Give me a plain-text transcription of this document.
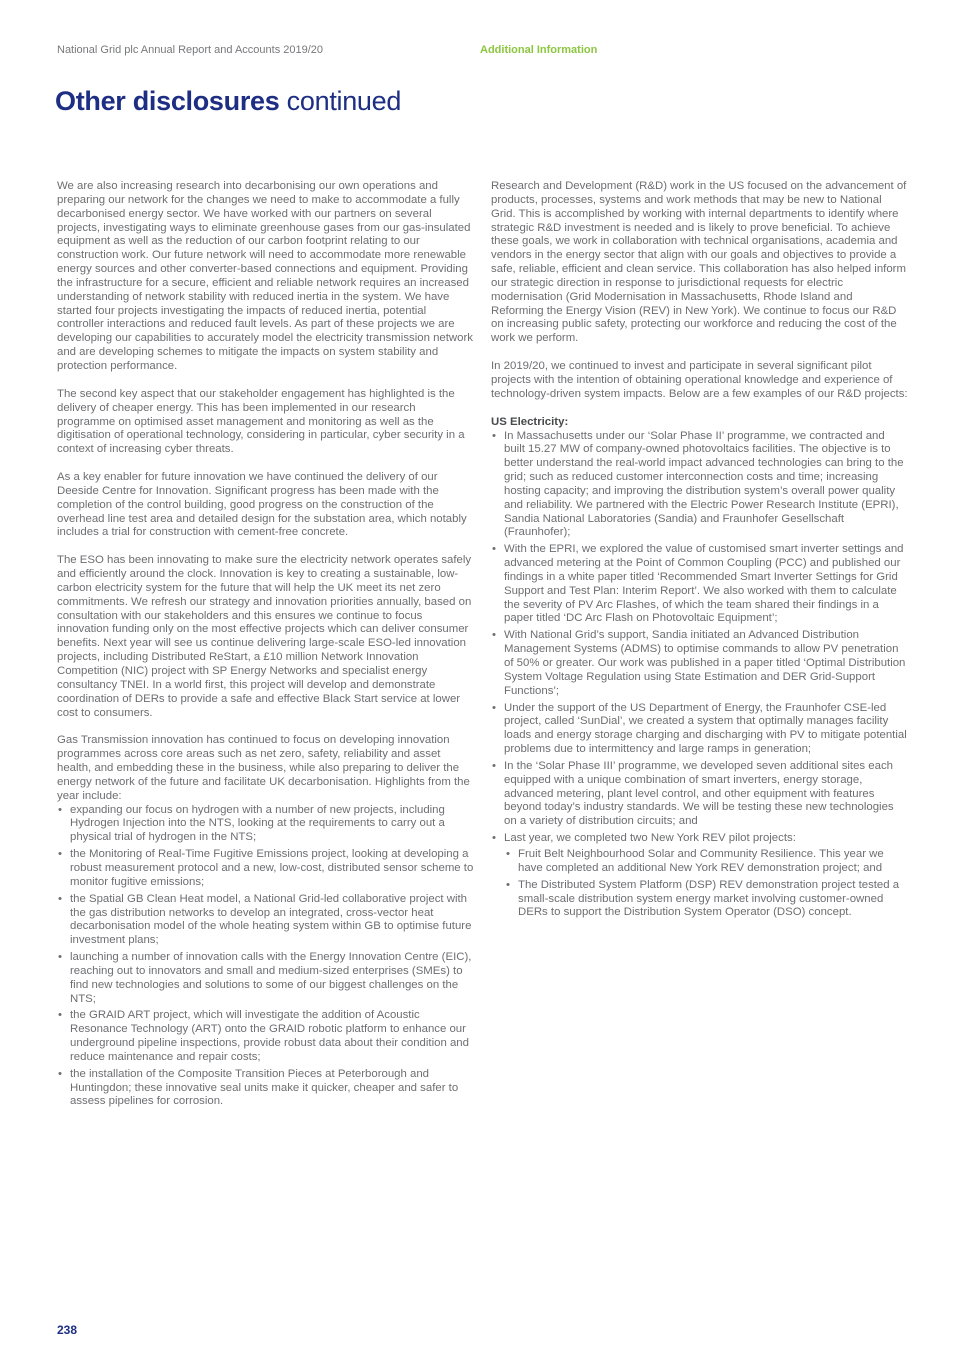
National Grid plc Annual Report and Accounts 2019/20	Additional Information
Other disclosures continued

We are also increasing research into decarbonising our own operations and preparing our network for the changes we need to make to accommodate a fully decarbonised energy sector. We have worked with our partners on several projects, investigating ways to eliminate greenhouse gases from our gas-insulated equipment as well as the reduction of our carbon footprint relating to our construction work. Our future network will need to accommodate more renewable energy sources and other converter-based connections and equipment. Providing the infrastructure for a secure, efficient and reliable network requires an increased understanding of network stability with reduced inertia in the system. We have started four projects investigating the impacts of reduced inertia, potential controller interactions and reduced fault levels. As part of these projects we are developing our capabilities to accurately model the electricity transmission network and are developing schemes to mitigate the impacts on system stability and protection performance.

The second key aspect that our stakeholder engagement has highlighted is the delivery of cheaper energy. This has been implemented in our research programme on optimised asset management and monitoring as well as the digitisation of operational technology, considering in particular, cyber security in a context of increasing cyber threats.

As a key enabler for future innovation we have continued the delivery of our Deeside Centre for Innovation. Significant progress has been made with the completion of the control building, good progress on the construction of the overhead line test area and detailed design for the substation area, which notably includes a trial for construction with cement-free concrete.

The ESO has been innovating to make sure the electricity network operates safely and efficiently around the clock. Innovation is key to creating a sustainable, low-carbon electricity system for the future that will help the UK meet its net zero commitments. We refresh our strategy and innovation priorities annually, based on consultation with our stakeholders and this ensures we continue to focus innovation funding only on the most effective projects which can deliver consumer benefits. Next year will see us continue delivering large-scale ESO-led innovation projects, including Distributed ReStart, a £10 million Network Innovation Competition (NIC) project with SP Energy Networks and specialist energy consultancy TNEI. In a world first, this project will develop and demonstrate coordination of DERs to provide a safe and effective Black Start service at lower cost to consumers.

Gas Transmission innovation has continued to focus on developing innovation programmes across core areas such as net zero, safety, reliability and asset health, and embedding these in the business, while also preparing to deliver the energy network of the future and facilitate UK decarbonisation. Highlights from the year include:

• expanding our focus on hydrogen with a number of new projects, including Hydrogen Injection into the NTS, looking at the requirements to carry out a physical trial of hydrogen in the NTS;
• the Monitoring of Real-Time Fugitive Emissions project, looking at developing a robust measurement protocol and a new, low-cost, distributed sensor scheme to monitor fugitive emissions;
• the Spatial GB Clean Heat model, a National Grid-led collaborative project with the gas distribution networks to develop an integrated, cross-vector heat decarbonisation model of the whole heating system within GB to optimise future investment plans;
• launching a number of innovation calls with the Energy Innovation Centre (EIC), reaching out to innovators and small and medium-sized enterprises (SMEs) to find new technologies and solutions to some of our biggest challenges on the NTS;
• the GRAID ART project, which will investigate the addition of Acoustic Resonance Technology (ART) onto the GRAID robotic platform to enhance our underground pipeline inspections, provide robust data about their condition and reduce maintenance and repair costs;
• the installation of the Composite Transition Pieces at Peterborough and Huntingdon; these innovative seal units make it quicker, cheaper and safer to assess pipelines for corrosion.

Research and Development (R&D) work in the US focused on the advancement of products, processes, systems and work methods that may be new to National Grid. This is accomplished by working with internal departments to identify where strategic R&D investment is needed and is likely to prove beneficial. To achieve these goals, we work in collaboration with technical organisations, academia and vendors in the energy sector that align with our goals and objectives to provide a safe, reliable, efficient and clean service. This collaboration has also helped inform our strategic direction in response to jurisdictional requests for electric modernisation (Grid Modernisation in Massachusetts, Rhode Island and Reforming the Energy Vision (REV) in New York). We continue to focus our R&D on increasing public safety, protecting our workforce and reducing the cost of the work we perform.

In 2019/20, we continued to invest and participate in several significant pilot projects with the intention of obtaining operational knowledge and experience of technology-driven system impacts. Below are a few examples of our R&D projects:

US Electricity:
• In Massachusetts under our ‘Solar Phase II’ programme, we contracted and built 15.27 MW of company-owned photovoltaics facilities. The objective is to better understand the real-world impact advanced technologies can bring to the grid; such as reduced customer interconnection costs and time; increasing hosting capacity; and improving the distribution system’s overall power quality and reliability. We partnered with the Electric Power Research Institute (EPRI), Sandia National Laboratories (Sandia) and Fraunhofer Gesellschaft (Fraunhofer);
• With the EPRI, we explored the value of customised smart inverter settings and advanced metering at the Point of Common Coupling (PCC) and published our findings in a white paper titled ‘Recommended Smart Inverter Settings for Grid Support and Test Plan: Interim Report’. We also worked with them to calculate the severity of PV Arc Flashes, of which the team shared their findings in a paper titled ‘DC Arc Flash on Photovoltaic Equipment’;
• With National Grid’s support, Sandia initiated an Advanced Distribution Management Systems (ADMS) to optimise commands to allow PV penetration of 50% or greater. Our work was published in a paper titled ‘Optimal Distribution System Voltage Regulation using State Estimation and DER Grid-Support Functions’;
• Under the support of the US Department of Energy, the Fraunhofer CSE-led project, called ‘SunDial’, we created a system that optimally manages facility loads and energy storage charging and discharging with PV to mitigate potential problems due to intermittency and large ramps in generation;
• In the ‘Solar Phase III’ programme, we developed seven additional sites each equipped with a unique combination of smart inverters, energy storage, advanced metering, plant level control, and other equipment with features beyond today’s industry standards. We will be testing these new technologies on a variety of distribution circuits; and
• Last year, we completed two New York REV pilot projects:
• Fruit Belt Neighbourhood Solar and Community Resilience. This year we have completed an additional New York REV demonstration project; and
• The Distributed System Platform (DSP) REV demonstration project tested a small-scale distribution system energy market involving customer-owned DERs to support the Distribution System Operator (DSO) concept.
238
